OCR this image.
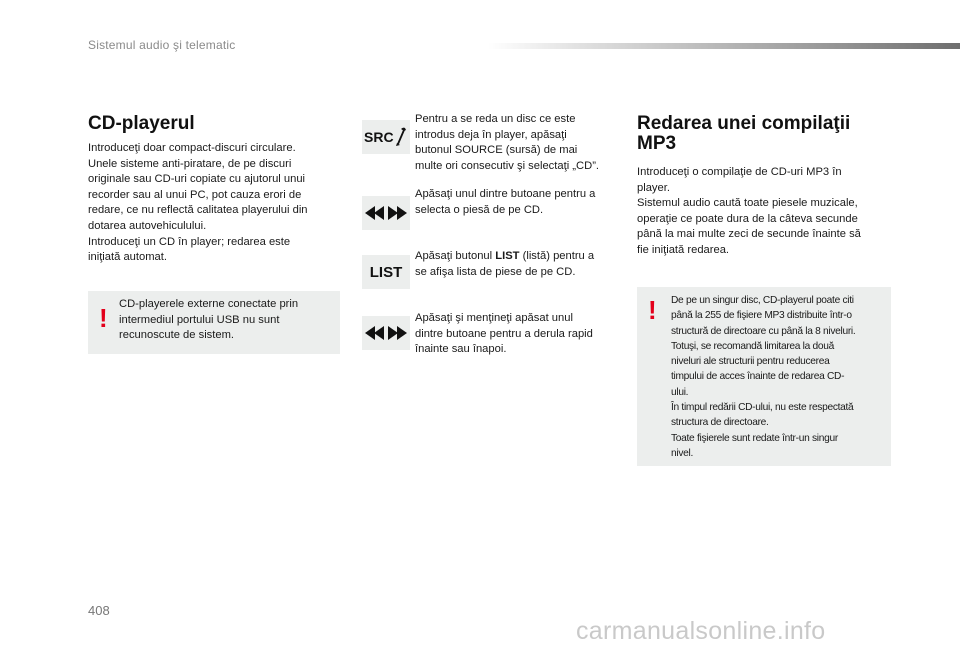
Sistemul audio şi telematic
CD-playerul

Introduceţi doar compact-discuri circulare.

Unele sisteme anti-piratare, de pe discuri

originale sau CD-uri copiate cu ajutorul unui

recorder sau al unui PC, pot cauza erori de

redare, ce nu reflectă calitatea playerului din

dotarea autovehiculului.

Introduceţi un CD în player; redarea este

iniţiată automat.

! CD-playerele externe conectate prin

intermediul portului USB nu sunt

recunoscute de sistem.

SRC

Pentru a se reda un disc ce este

introdus deja în player, apăsaţi

butonul SOURCE (sursă) de mai

multe ori consecutiv şi selectaţi „CD”.

Apăsaţi unul dintre butoane pentru a

selecta o piesă de pe CD.

LIST

Apăsaţi butonul LIST (listă) pentru a

se afişa lista de piese de pe CD.

Apăsaţi şi menţineţi apăsat unul

dintre butoane pentru a derula rapid

înainte sau înapoi.

Redarea unei compilaţii
MP3

Introduceţi o compilaţie de CD-uri MP3 în

player.

Sistemul audio caută toate piesele muzicale,

operaţie ce poate dura de la câteva secunde

până la mai multe zeci de secunde înainte să

fie iniţiată redarea.

! De pe un singur disc, CD-playerul poate citi

până la 255 de fişiere MP3 distribuite într-o

structură de directoare cu până la 8 niveluri.

Totuşi, se recomandă limitarea la două

niveluri ale structurii pentru reducerea

timpului de acces înainte de redarea CD-

ului.

În timpul redării CD-ului, nu este respectată

structura de directoare.

Toate fişierele sunt redate într-un singur

nivel.

408
carmanualsonline.info
